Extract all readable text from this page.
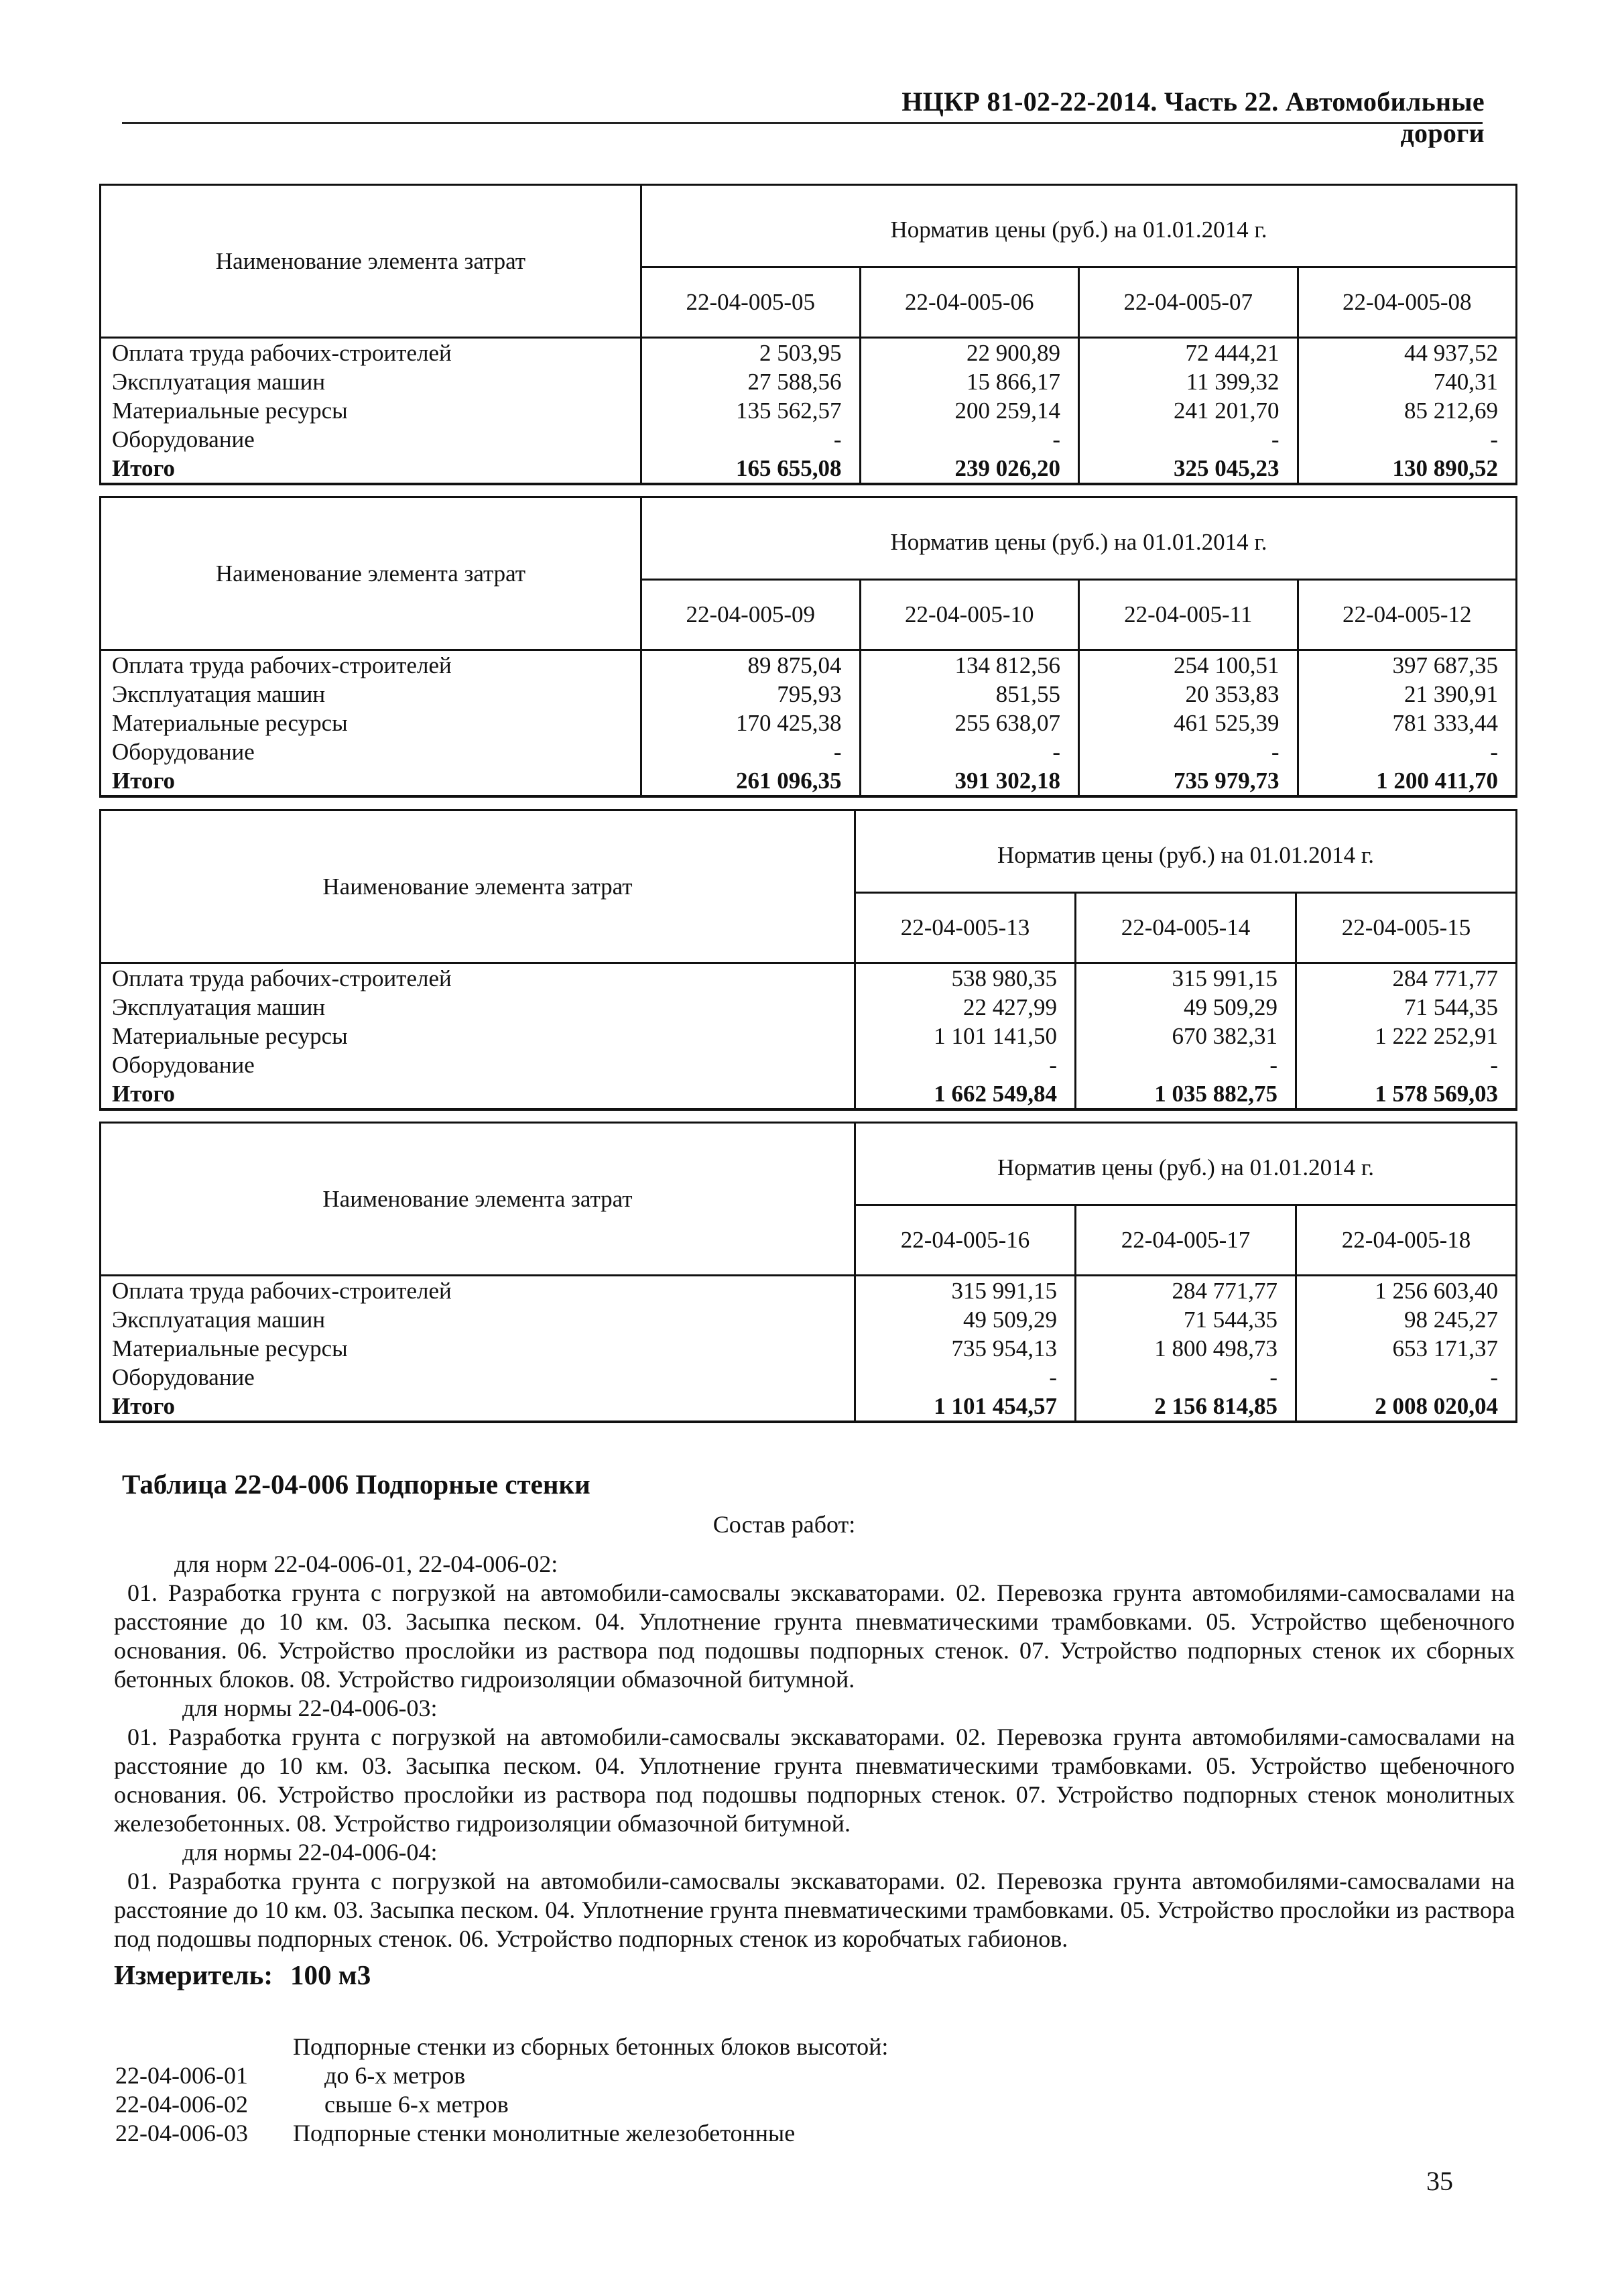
НЦКР 81-02-22-2014. Часть 22. Автомобильные дороги
Наименование элемента затрат	Норматив цены (руб.) на 01.01.2014 г.			
	22-04-005-05	22-04-005-06	22-04-005-07	22-04-005-08
Оплата труда рабочих-строителей	2 503,95	22 900,89	72 444,21	44 937,52
Эксплуатация машин	27 588,56	15 866,17	11 399,32	740,31
Материальные ресурсы	135 562,57	200 259,14	241 201,70	85 212,69
Оборудование	-	-	-	-
Итого	165 655,08	239 026,20	325 045,23	130 890,52
Наименование элемента затрат	Норматив цены (руб.) на 01.01.2014 г.			
	22-04-005-09	22-04-005-10	22-04-005-11	22-04-005-12
Оплата труда рабочих-строителей	89 875,04	134 812,56	254 100,51	397 687,35
Эксплуатация машин	795,93	851,55	20 353,83	21 390,91
Материальные ресурсы	170 425,38	255 638,07	461 525,39	781 333,44
Оборудование	-	-	-	-
Итого	261 096,35	391 302,18	735 979,73	1 200 411,70
Наименование элемента затрат	Норматив цены (руб.) на 01.01.2014 г.		
	22-04-005-13	22-04-005-14	22-04-005-15
Оплата труда рабочих-строителей	538 980,35	315 991,15	284 771,77
Эксплуатация машин	22 427,99	49 509,29	71 544,35
Материальные ресурсы	1 101 141,50	670 382,31	1 222 252,91
Оборудование	-	-	-
Итого	1 662 549,84	1 035 882,75	1 578 569,03
Наименование элемента затрат	Норматив цены (руб.) на 01.01.2014 г.		
	22-04-005-16	22-04-005-17	22-04-005-18
Оплата труда рабочих-строителей	315 991,15	284 771,77	1 256 603,40
Эксплуатация машин	49 509,29	71 544,35	98 245,27
Материальные ресурсы	735 954,13	1 800 498,73	653 171,37
Оборудование	-	-	-
Итого	1 101 454,57	2 156 814,85	2 008 020,04
Таблица 22-04-006 Подпорные стенки
Состав работ:
для норм 22-04-006-01, 22-04-006-02:
01. Разработка грунта с погрузкой на автомобили-самосвалы экскаваторами. 02. Перевозка грунта автомобилями-самосвалами на расстояние до 10 км. 03. Засыпка песком. 04. Уплотнение грунта пневматическими трамбовками. 05. Устройство щебеночного основания. 06. Устройство прослойки из раствора под подошвы подпорных стенок. 07. Устройство подпорных стенок их сборных бетонных блоков. 08. Устройство гидроизоляции обмазочной битумной.
для нормы 22-04-006-03:
01. Разработка грунта с погрузкой на автомобили-самосвалы экскаваторами. 02. Перевозка грунта автомобилями-самосвалами на расстояние до 10 км. 03. Засыпка песком. 04. Уплотнение грунта пневматическими трамбовками. 05. Устройство щебеночного основания. 06. Устройство прослойки из раствора под подошвы подпорных стенок. 07. Устройство подпорных стенок монолитных железобетонных. 08. Устройство гидроизоляции обмазочной битумной.
для нормы 22-04-006-04:
01. Разработка грунта с погрузкой на автомобили-самосвалы экскаваторами. 02. Перевозка грунта автомобилями-самосвалами на расстояние до 10 км. 03. Засыпка песком. 04. Уплотнение грунта пневматическими трамбовками. 05. Устройство прослойки из раствора под подошвы подпорных стенок. 06. Устройство подпорных стенок из коробчатых габионов.
Измеритель: 100 м3
Подпорные стенки из сборных бетонных блоков высотой:
22-04-006-01	до 6-х метров
22-04-006-02	свыше 6-х метров
22-04-006-03 Подпорные стенки монолитные железобетонные
35
